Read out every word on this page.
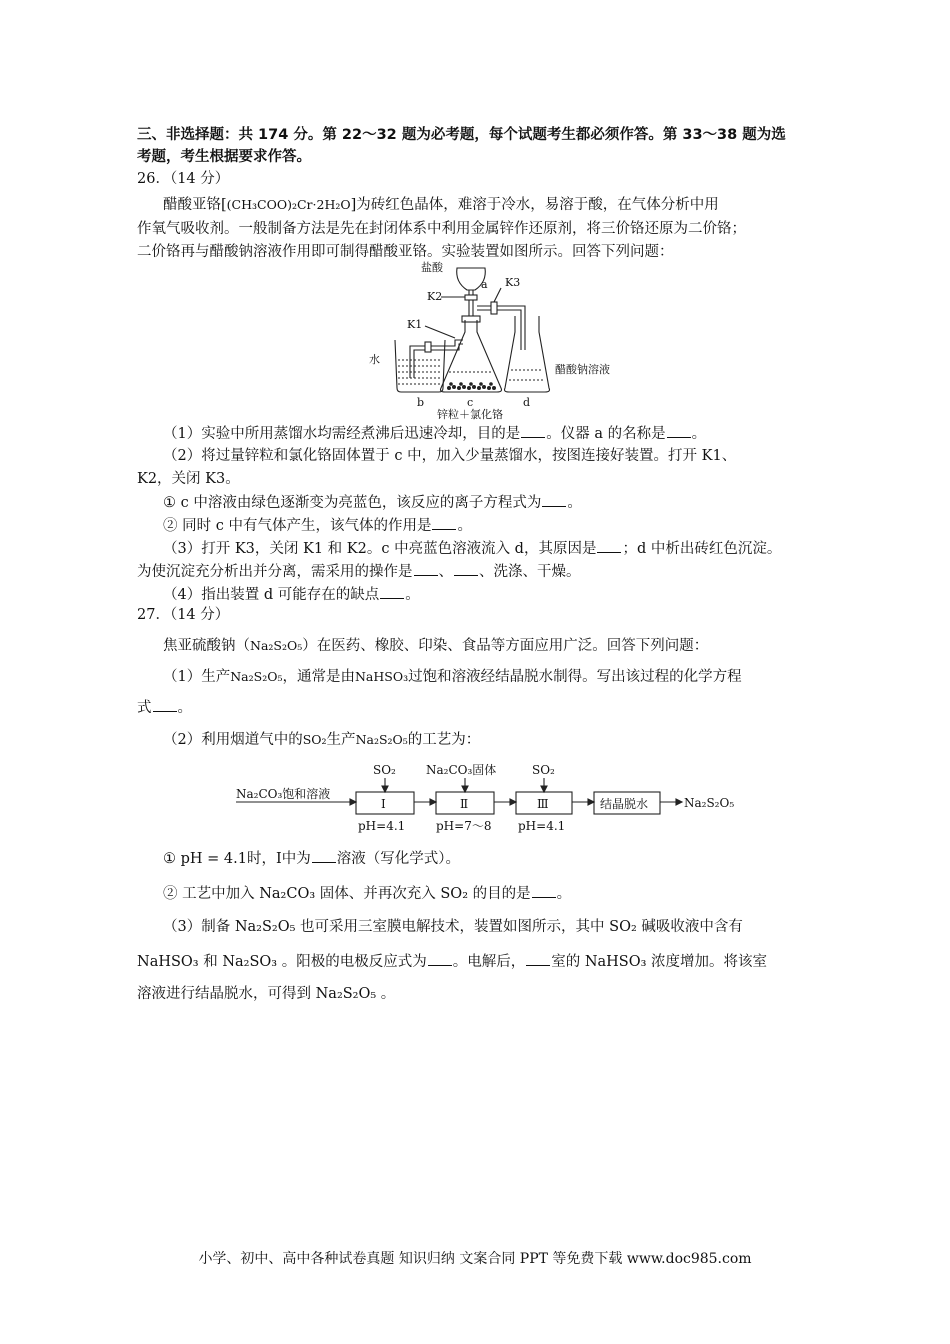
三、非选择题：共 174 分。第 22～32 题为必考题，每个试题考生都必须作答。第 33～38 题为选
考题，考生根据要求作答。
26．（14 分）
醋酸亚铬[(CH₃COO)₂Cr·2H₂O]为砖红色晶体，难溶于冷水，易溶于酸，在气体分析中用
作氧气吸收剂。一般制备方法是先在封闭体系中利用金属锌作还原剂，将三价铬还原为二价铬；
二价铬再与醋酸钠溶液作用即可制得醋酸亚铬。实验装置如图所示。回答下列问题：
盐酸
a K3
K2
K1
水
b	c	d
醋酸钠溶液
锌粒＋氯化铬
（1）实验中所用蒸馏水均需经煮沸后迅速冷却，目的是 。仪器 a 的名称是 。
（2）将过量锌粒和氯化铬固体置于 c 中，加入少量蒸馏水，按图连接好装置。打开 K1、
K2，关闭 K3。
① c 中溶液由绿色逐渐变为亮蓝色，该反应的离子方程式为 。
② 同时 c 中有气体产生，该气体的作用是 。
（3）打开 K3，关闭 K1 和 K2。c 中亮蓝色溶液流入 d，其原因是 ；d 中析出砖红色沉淀。
为使沉淀充分析出并分离，需采用的操作是 、 、洗涤、干燥。
（4）指出装置 d 可能存在的缺点 。
27．（14 分）
焦亚硫酸钠（Na₂S₂O₅）在医药、橡胶、印染、食品等方面应用广泛。回答下列问题：
（1）生产Na₂S₂O₅，通常是由NaHSO₃过饱和溶液经结晶脱水制得。写出该过程的化学方程
式 。
（2）利用烟道气中的SO₂生产Na₂S₂O₅的工艺为：
Na₂CO₃饱和溶液
SO₂	Na₂CO₃固体	SO₂
Ⅰ	Ⅱ	Ⅲ	结晶脱水	Na₂S₂O₅
pH=4.1	pH=7～8 pH=4.1
① pH = 4.1时，Ⅰ中为 溶液（写化学式）。
② 工艺中加入 Na₂CO₃ 固体、并再次充入 SO₂ 的目的是 。
（3）制备 Na₂S₂O₅ 也可采用三室膜电解技术，装置如图所示，其中 SO₂ 碱吸收液中含有
NaHSO₃ 和 Na₂SO₃ 。阳极的电极反应式为 。电解后， 室的 NaHSO₃ 浓度增加。将该室
溶液进行结晶脱水，可得到 Na₂S₂O₅ 。
小学、初中、高中各种试卷真题 知识归纳 文案合同 PPT 等免费下载 www.doc985.com
